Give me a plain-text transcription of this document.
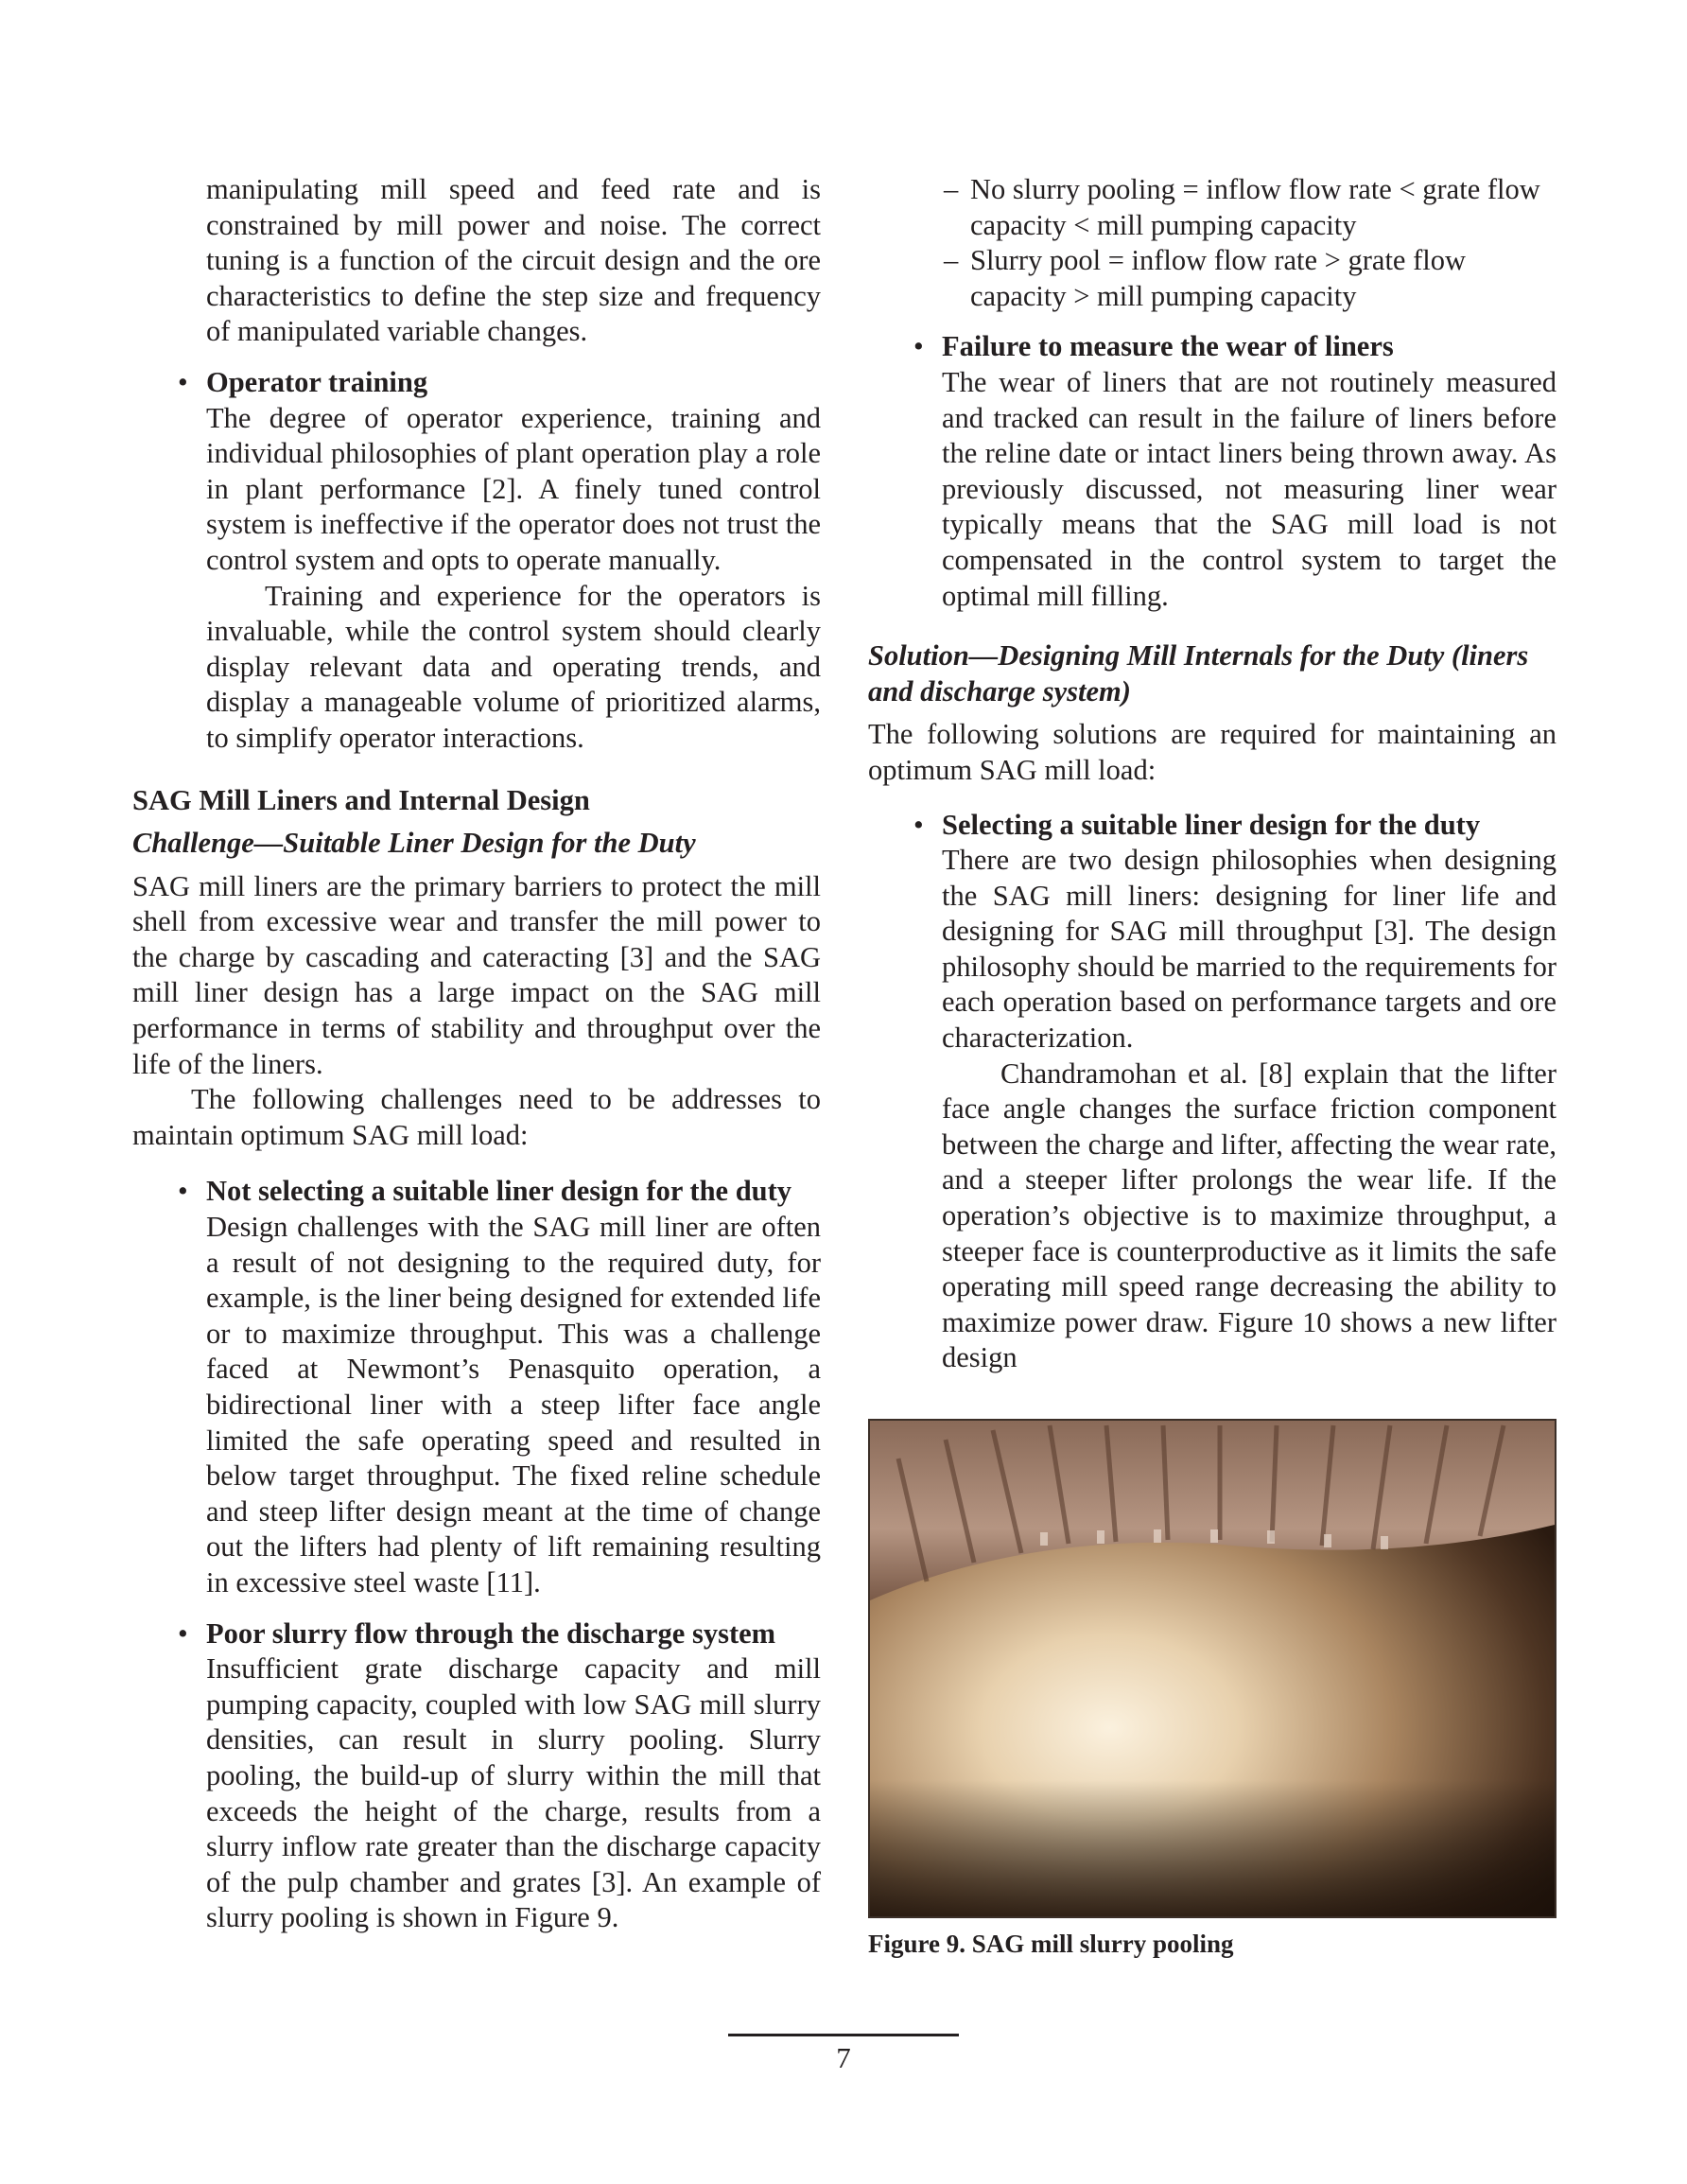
manipulating mill speed and feed rate and is constrained by mill power and noise. The correct tuning is a function of the circuit design and the ore characteristics to define the step size and frequency of manipulated variable changes.

• Operator training

The degree of operator experience, training and individual philosophies of plant operation play a role in plant performance [2]. A finely tuned control system is ineffective if the operator does not trust the control system and opts to operate manually.

Training and experience for the operators is invaluable, while the control system should clearly display relevant data and operating trends, and display a manageable volume of prioritized alarms, to simplify operator interactions.

SAG Mill Liners and Internal Design

Challenge—Suitable Liner Design for the Duty

SAG mill liners are the primary barriers to protect the mill shell from excessive wear and transfer the mill power to the charge by cascading and cateracting [3] and the SAG mill liner design has a large impact on the SAG mill performance in terms of stability and throughput over the life of the liners.

The following challenges need to be addresses to maintain optimum SAG mill load:

• Not selecting a suitable liner design for the duty

Design challenges with the SAG mill liner are often a result of not designing to the required duty, for example, is the liner being designed for extended life or to maximize throughput. This was a challenge faced at Newmont’s Penasquito operation, a bidirectional liner with a steep lifter face angle limited the safe operating speed and resulted in below target throughput. The fixed reline schedule and steep lifter design meant at the time of change out the lifters had plenty of lift remaining resulting in excessive steel waste [11].

• Poor slurry flow through the discharge system

Insufficient grate discharge capacity and mill pumping capacity, coupled with low SAG mill slurry densities, can result in slurry pooling. Slurry pooling, the build-up of slurry within the mill that exceeds the height of the charge, results from a slurry inflow rate greater than the discharge capacity of the pulp chamber and grates [3]. An example of slurry pooling is shown in Figure 9.

– No slurry pooling = inflow flow rate < grate flow capacity < mill pumping capacity

– Slurry pool = inflow flow rate > grate flow capacity > mill pumping capacity

• Failure to measure the wear of liners

The wear of liners that are not routinely measured and tracked can result in the failure of liners before the reline date or intact liners being thrown away. As previously discussed, not measuring liner wear typically means that the SAG mill load is not compensated in the control system to target the optimal mill filling.

Solution—Designing Mill Internals for the Duty (liners and discharge system)

The following solutions are required for maintaining an optimum SAG mill load:

• Selecting a suitable liner design for the duty

There are two design philosophies when designing the SAG mill liners: designing for liner life and designing for SAG mill throughput [3]. The design philosophy should be married to the requirements for each operation based on performance targets and ore characterization.

Chandramohan et al. [8] explain that the lifter face angle changes the surface friction component between the charge and lifter, affecting the wear rate, and a steeper lifter prolongs the wear life. If the operation’s objective is to maximize throughput, a steeper face is counterproductive as it limits the safe operating mill speed range decreasing the ability to maximize power draw. Figure 10 shows a new lifter design

Figure 9. SAG mill slurry pooling
7
